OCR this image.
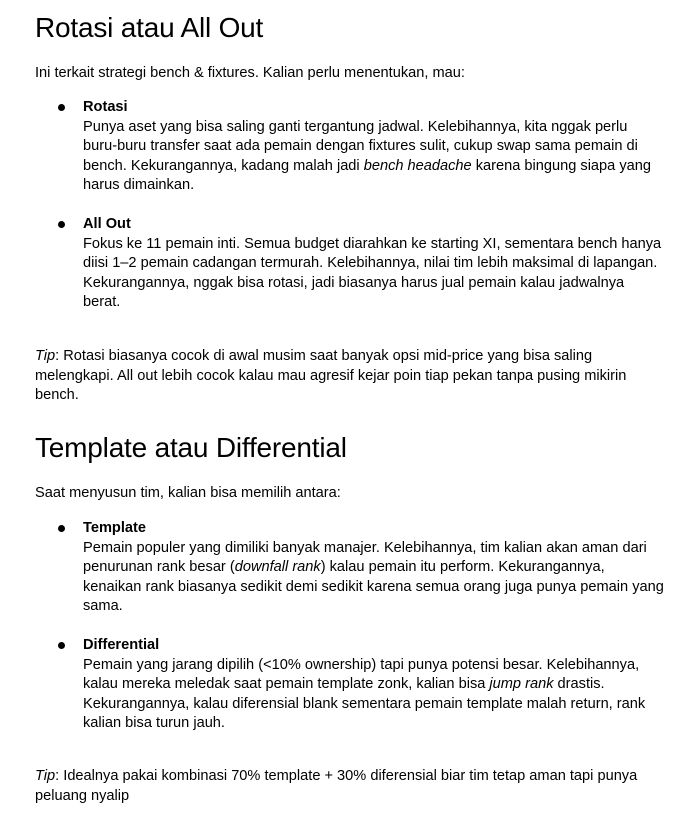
Rotasi atau All Out

Ini terkait strategi bench & fixtures. Kalian perlu menentukan, mau:

Rotasi
Punya aset yang bisa saling ganti tergantung jadwal. Kelebihannya, kita nggak perlu buru-buru transfer saat ada pemain dengan fixtures sulit, cukup swap sama pemain di bench. Kekurangannya, kadang malah jadi bench headache karena bingung siapa yang harus dimainkan.
All Out
Fokus ke 11 pemain inti. Semua budget diarahkan ke starting XI, sementara bench hanya diisi 1–2 pemain cadangan termurah. Kelebihannya, nilai tim lebih maksimal di lapangan. Kekurangannya, nggak bisa rotasi, jadi biasanya harus jual pemain kalau jadwalnya berat.

Tip: Rotasi biasanya cocok di awal musim saat banyak opsi mid-price yang bisa saling melengkapi. All out lebih cocok kalau mau agresif kejar poin tiap pekan tanpa pusing mikirin bench.

Template atau Differential

Saat menyusun tim, kalian bisa memilih antara:

Template
Pemain populer yang dimiliki banyak manajer. Kelebihannya, tim kalian akan aman dari penurunan rank besar (downfall rank) kalau pemain itu perform. Kekurangannya, kenaikan rank biasanya sedikit demi sedikit karena semua orang juga punya pemain yang sama.
Differential
Pemain yang jarang dipilih (<10% ownership) tapi punya potensi besar. Kelebihannya, kalau mereka meledak saat pemain template zonk, kalian bisa jump rank drastis. Kekurangannya, kalau diferensial blank sementara pemain template malah return, rank kalian bisa turun jauh.

Tip: Idealnya pakai kombinasi 70% template + 30% diferensial biar tim tetap aman tapi punya peluang nyalip
